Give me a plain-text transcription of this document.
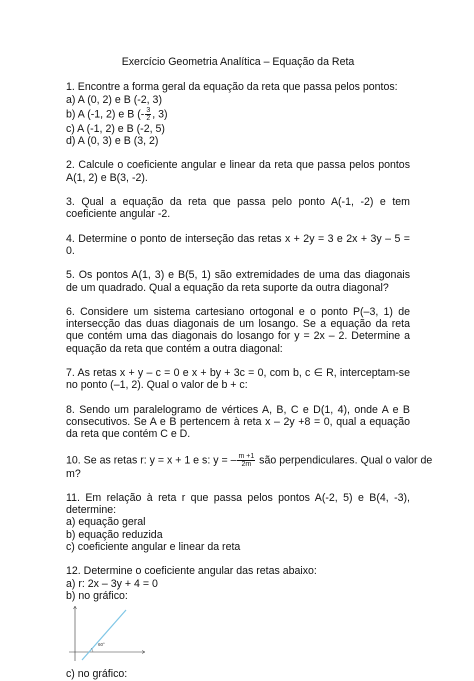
Exercício Geometria Analítica – Equação da Reta
1. Encontre a forma geral da equação da reta que passa pelos pontos:
a) A (0, 2) e B (-2, 3)
b) A (-1, 2) e B (- $\frac{3}{2}$ , 3)
c) A (-1, 2) e B (-2, 5)
d) A (0, 3) e B (3, 2)
2. Calcule o coeficiente angular e linear da reta que passa pelos pontos A(1, 2) e B(3, -2).
3. Qual a equação da reta que passa pelo ponto A(-1, -2) e tem coeficiente angular -2.
4. Determine o ponto de interseção das retas x + 2y = 3 e 2x + 3y – 5 = 0.
5. Os pontos A(1, 3) e B(5, 1) são extremidades de uma das diagonais de um quadrado. Qual a equação da reta suporte da outra diagonal?
6. Considere um sistema cartesiano ortogonal e o ponto P(–3, 1) de intersecção das duas diagonais de um losango. Se a equação da reta que contém uma das diagonais do losango for y = 2x – 2. Determine a equação da reta que contém a outra diagonal:
7. As retas x + y – c = 0 e x + by + 3c = 0, com b, c ∈ R, interceptam-se no ponto (–1, 2). Qual o valor de b + c:
8. Sendo um paralelogramo de vértices A, B, C e D(1, 4), onde A e B consecutivos. Se A e B pertencem à reta x – 2y +8 = 0, qual a equação da reta que contém C e D.
10. Se as retas r: y = x + 1 e s: y = – $\frac{m +1}{2m}$ são perpendiculares. Qual o valor de
m?
11. Em relação à reta r que passa pelos pontos A(-2, 5) e B(4, -3), determine:
a) equação geral
b) equação reduzida
c) coeficiente angular e linear da reta
12. Determine o coeficiente angular das retas abaixo:
a) r: 2x – 3y + 4 = 0
b) no gráfico:
60°
c) no gráfico:
